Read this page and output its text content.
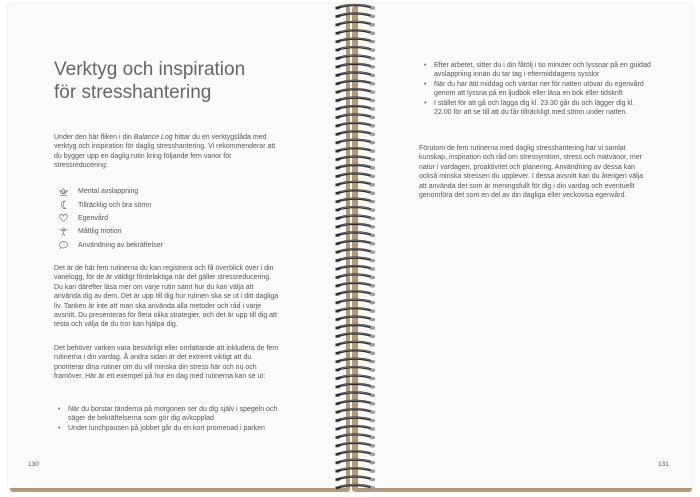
Verktyg och inspiration
för stresshantering

Under den här fliken i din Balance Log hittar du en verktygslåda med verktyg och inspiration för daglig stresshantering. Vi rekommenderar att du bygger upp en daglig rutin kring följande fem vanor för stressreducering:

Mental avslappning
Tillräcklig och bra sömn
Egenvård
Måttlig motion
Användning av bekräftelser

Det är de här fem rutinerna du kan registrera och få överblick över i din vanelogg, för de är väldigt fördelaktiga när det gäller stressreducering. Du kan därefter läsa mer om varje rutin samt hur du kan välja att använda dig av dem. Det är upp till dig hur rutinen ska se ut i ditt dagliga liv. Tanken är inte att man ska använda alla metoder och råd i varje avsnitt. Du presenteras för flera olika strategier, och det är upp till dig att testa och välja de du tror kan hjälpa dig.

Det behöver varken vara besvärligt eller omfattande att inkludera de fem rutinerna i din vardag. Å andra sidan är det extremt viktigt att du prioriterar dina rutiner om du vill minska din stress här och nu och framöver. Här är ett exempel på hur en dag med rutinerna kan se ut:

• När du borstar tänderna på morgonen ser du dig själv i spegeln och säger de bekräftelserna som gör dig avkopplad
• Under lunchpausen på jobbet går du en kort promenad i parken
130
• Efter arbetet, sitter du i din fåtölj i tio minuter och lyssnar på en guidad avslappning innan du tar tag i eftermiddagens sysslor
• När du har ätit middag och väntar ner för natten utövar du egenvård genom att lyssna på en ljudbok eller läsa en bok eller tidskrift
• I stället för att gå och lägga dig kl. 23.30 går du och lägger dig kl. 22.00 för att se till att du får tillräckligt med sömn under natten.

Förutom de fem rutinerna med daglig stresshantering har vi samlat kunskap, inspiration och råd om stressymtom, stress och matvanor, mer natur i vardagen, proaktivitet och planering. Användning av dessa kan också minska stressen du upplever. I dessa avsnitt kan du återigen välja att använda det som är meningsfullt för dig i din vardag och eventuellt genomföra det som en del av din dagliga eller veckovisa egenvård.

131
